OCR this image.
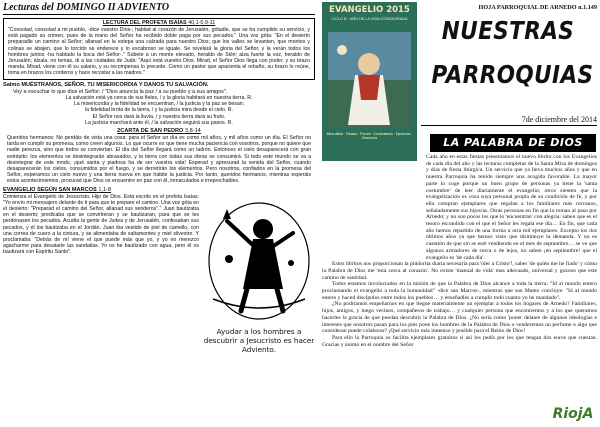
Lecturas del DOMINGO II ADVIENTO
LECTURA DEL PROFETA ISAÍAS 40,1-5.9-11
"Consolad, consolad a mi pueblo, -dice vuestro Dios-; hablad al corazón de Jerusalén, gritadle, que se ha cumplido su servicio, y está pagado su crimen, pues de la mano del Señor ha recibido doble paga por sus pecados." Una voz grita: "En el desierto preparadle un camino al Señor; allanad en la estepa una calzada para nuestro Dios; que los valles se levanten, que montes y colinas se abajen, que lo torcido se enderece y lo escabroso se iguale. Se revelará la gloria del Señor, y la verán todos los hombres juntos -ha hablado la boca del Señor-." Súbete a un monte elevado, heraldo de Sión; alza fuerte la voz, heraldo de Jerusalén; álzala, no temas, di a las ciudades de Judá: "Aquí está vuestro Dios. Mirad, el Señor Dios llega con poder, y su brazo manda. Mirad, viene con él su salario, y su recompensa lo precede. Como un pastor que apacienta el rebaño, su brazo lo reúne, toma en brazos los corderos y hace recostar a las madres."
Salmo MUÉSTRANOS, SEÑOR, TU MISERICORDIA Y DANOS TU SALVACIÓN.
Voy a escuchar lo que dice el Señor: / "Dios anuncia la paz / a su pueblo y a sus amigos".
La salvación está ya cerca de sus fieles, / y la gloria habitará en nuestra tierra. R.
La misericordia y la fidelidad se encuentran, / la justicia y la paz se besan;
la fidelidad brota de la tierra, / y la justicia mira desde el cielo. R.
El Señor nos dará la lluvia, / y nuestra tierra dará su fruto.
La justicia marchará ante él, / la salvación seguirá sus pasos. R.
2CARTA DE SAN PEDRO 3,8-14
Queridos hermanos: No perdáis de vista una cosa: para el Señor un día es como mil años, y mil años como un día. El Señor no tarda en cumplir su promesa, como creen algunos. Lo que ocurre es que tiene mucha paciencia con vosotros, porque no quiere que nadie perezca, sino que todos se conviertan. El día del Señor llegará como un ladrón. Entonces el cielo desaparecerá con gran estrépito; los elementos se desintegrarán abrasados, y la tierra con todas sus obras se consumirá. Si todo este mundo se va a desintegrar de este modo, ¡qué santa y piadosa ha de ser vuestra vida! Esperad y apresurad la venida del Señor, cuando desaparecerán los cielos, consumidos por el fuego, y se derretirán los elementos. Pero nosotros, confiados en la promesa del Señor, esperamos un cielo nuevo y una tierra nueva en que habite la justicia. Por tanto, queridos hermanos, mientras esperáis estos acontecimientos, procurad que Dios os encuentre en paz con él, inmaculados e irreprochables.
EVANGELIO SEGÚN SAN MARCOS 1,1-8
Comienza el Evangelio de Jesucristo, Hijo de Dios. Está escrito en el profeta Isaías: "Yo envío mi mensajero delante de ti para que te prepare el camino. Una voz grita en el desierto: "Preparad el camino del Señor, allanad sus senderos"." Juan bautizaba en el desierto; predicaba que se convirtieran y se bautizaran, para que se les perdonasen los pecados. Acudía la gente de Judea y de Jerusalén, confesaban sus pecados, y él los bautizaba en el Jordán. Juan iba vestido de piel de camello, con una correa de cuero a la cintura, y se alimentaba de saltamontes y miel silvestre. Y proclamaba: "Detrás de mí viene el que puede más que yo, y yo no merezco agacharme para desatarle las sandalias. Yo os he bautizado con agua, pero él os bautizará con Espíritu Santo".
Ayudar a los hombres a descubrir a Jesucristo es hacer Adviento.
EVANGELIO 2015
CICLO B · AÑO DE LA VIDA CONSAGRADA
Misa diaria · Fiestas · Preces · Comentarios · Ejercicios · Oraciones
HOJA PARROQUIAL DE ARNEDO n.1.149
NUESTRAS
PARROQUIAS
7de diciembre del 2014
LA PALABRA DE DIOS

Cada año en estas fiestas presentamos el nuevo librito con los Evangelios de cada día del año y las lecturas completas de la Santa Misa de domingos y días de fiesta litúrgica. Un servicio que ya lleva muchos años y que en nuestra Parroquia ha tenido siempre una acogida favorable. La mayor parte lo coge porque un buen grupo de personas ya tiene la 'santa costumbre' de leer diariamente el evangelio; otros sienten que la evangelización es cosa suya personal propia de su condición de fe, y por ello compran ejemplares que regalan a los familiares más cercanos, señaladamente sus hijos/as. Otras personas en fin que lo toman al paso por Arnedo; y no son pocos los que lo 'encuentran' con alegría: saben que es el tesoro escondido con el que el Señor les regala ese día… En fin, que cada año hemos repartido de una forma u otra mil ejemplares. Excepto los dos últimos años ya que hemos visto que disminuye la demanda. Y no es cuestión de que sin se esté vendiendo en el mes de septiembre… se ve que algunos armadores de cerca o de lejos, no saben ¡en septiembre! que el evangelio es 'de cada día'.

Estos libritos nos proporcionan la plúdorita diaria necesaria para 'oler a Cristo'!, saber 'de quién me he fiado' y cómo la Palabra de Dios me 'está cerca al corazón'. No existe 'manual de vida' mas adecuado, universal y gozoso que este camino de santidad.

Todos estamos involucrados en la misión de que la Palabra de Dios alcance a toda la tierra: "Id al mundo entero proclamando el evangelio a toda la humanidad" -dice san Marcos-, mientras que san Mateo concluye: "Id al mundo entero y haced discípulos entre todos los pueblos… y enseñadles a cumplir todo cuanto yo he mandado".

¿No podríamos empeñarnos en que llegue materialmente un ejemplar a todos los hogares de Arnedo? Familiares, hijos, amigos, y luego vecinos, compañeros de trabajo… y cualquier persona que encontremos y a los que queramos hacerles la gracia de que puedan descubrir la Palabra de Dios. ¿No sería como 'poner delante de algunos ideologías e intereses que nosotros pasan para los pies pone los hombres de la Palabra de Dios o venderemos un perfume o algo que consideran puede colaborar? ¡Qué servicio más inmenso y posible para el Reino de Dios!

Para ello la Parroquia os facilita ejemplares gratuitos si así los pedís por los que tengan dos euros que cuestan. Gracias y ánimo en el nombre del Señor

RiojA
